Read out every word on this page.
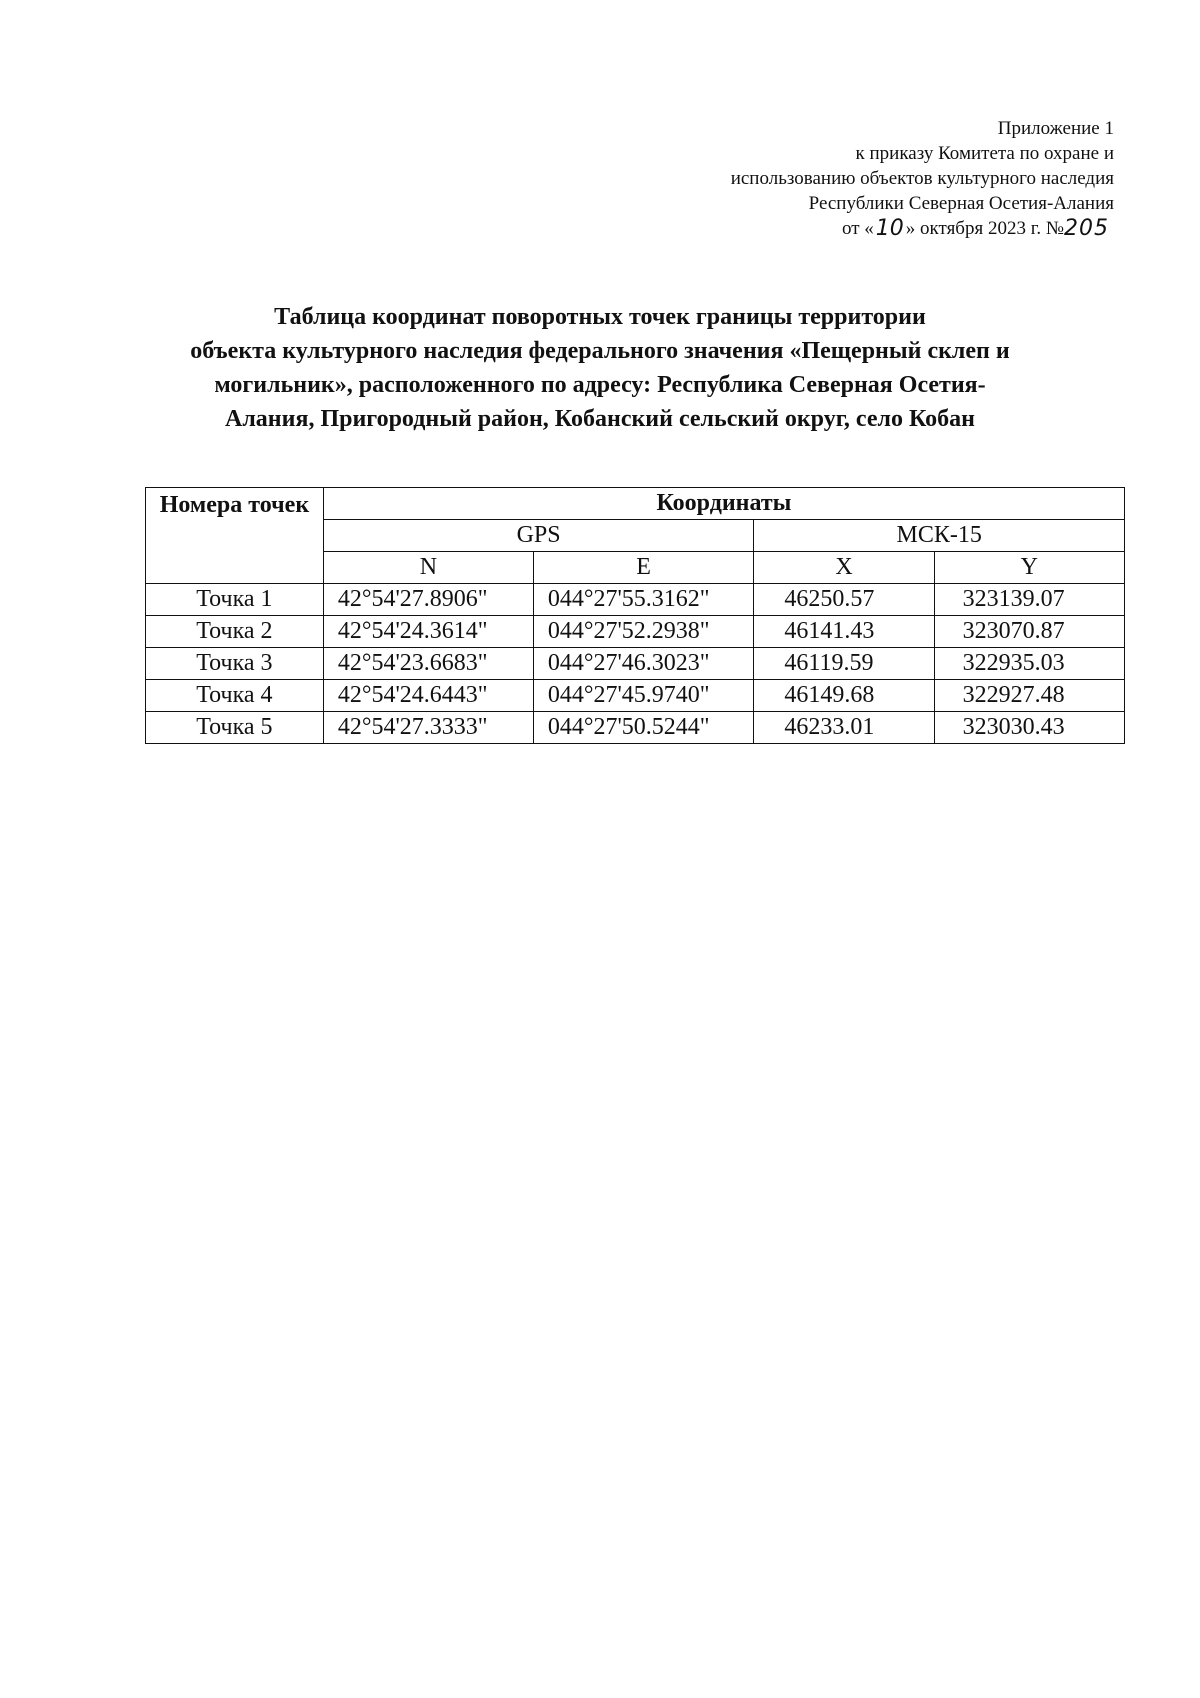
Приложение 1
к приказу Комитета по охране и
использованию объектов культурного наследия
Республики Северная Осетия-Алания
от «10 » октября 2023 г. №205
Таблица координат поворотных точек границы территории
объекта культурного наследия федерального значения «Пещерный склеп и
могильник», расположенного по адресу: Республика Северная Осетия-
Алания, Пригородный район, Кобанский сельский округ, село Кобан
Номера точек	Координаты			
	GPS		МСК-15	
	N	E	X	Y
Точка 1	42°54'27.8906"	044°27'55.3162"	46250.57	323139.07
Точка 2	42°54'24.3614"	044°27'52.2938"	46141.43	323070.87
Точка 3	42°54'23.6683"	044°27'46.3023"	46119.59	322935.03
Точка 4	42°54'24.6443"	044°27'45.9740"	46149.68	322927.48
Точка 5	42°54'27.3333"	044°27'50.5244"	46233.01	323030.43
